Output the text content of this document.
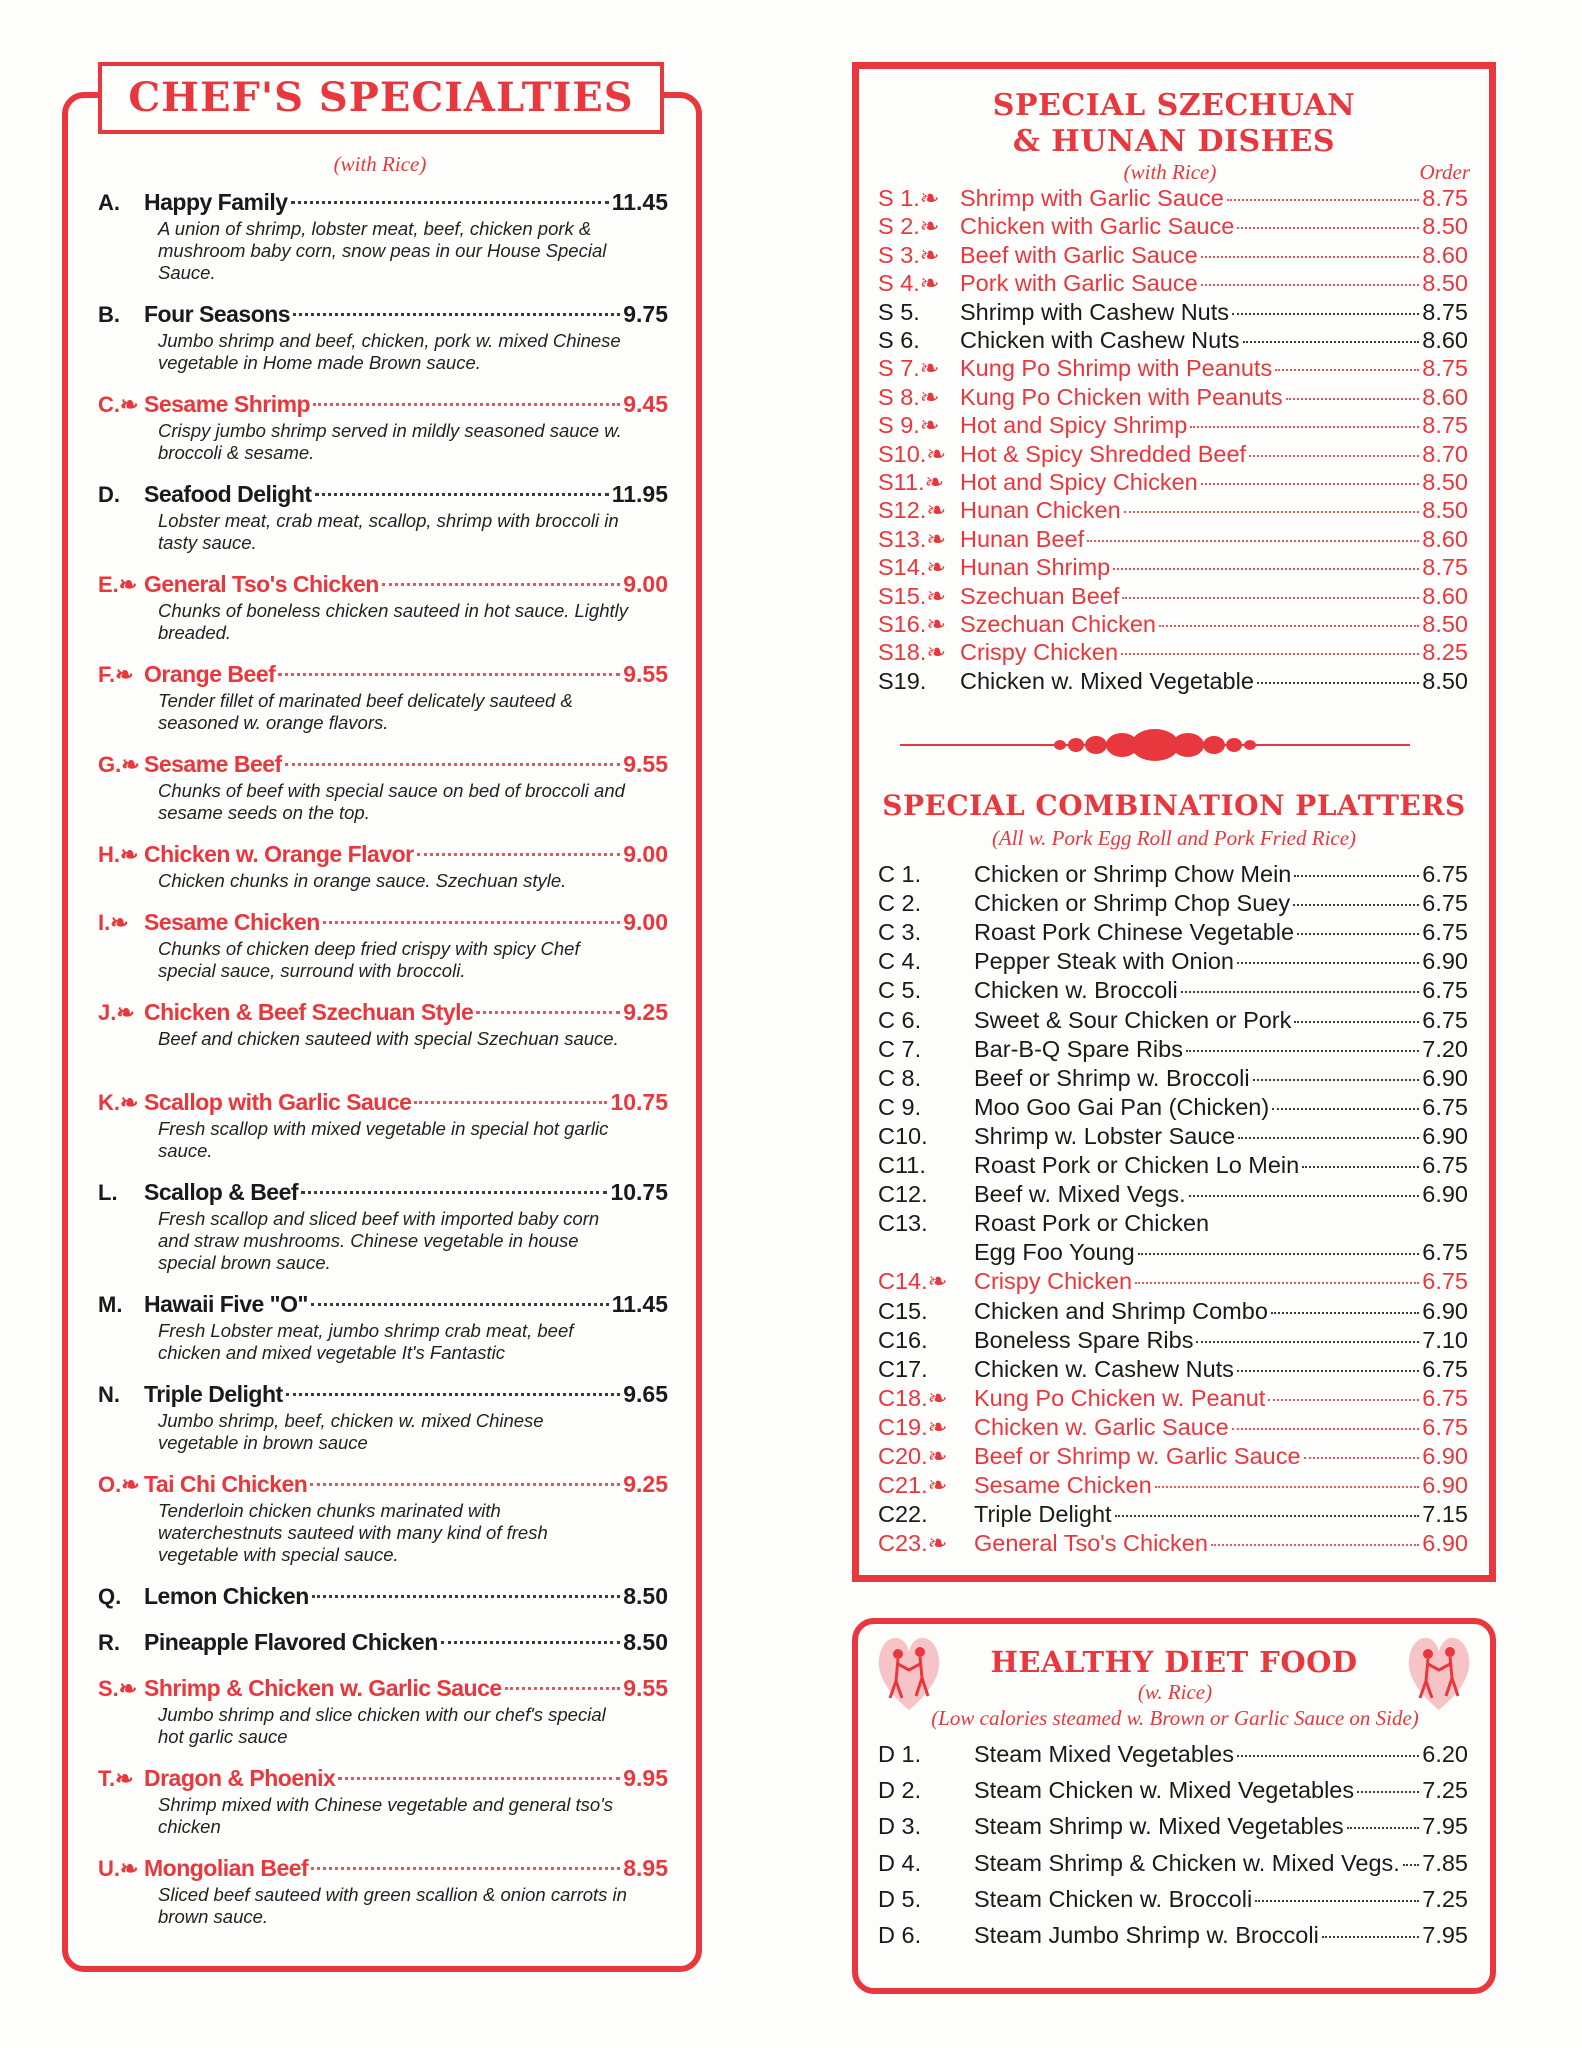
CHEF'S SPECIALTIES
(with Rice)
A.	Happy Family	11.45
A union of shrimp, lobster meat, beef, chicken pork & mushroom baby corn, snow peas in our House Special Sauce.
B.	Four Seasons	9.75
Jumbo shrimp and beef, chicken, pork w. mixed Chinese vegetable in Home made Brown sauce.
C.❧ Sesame Shrimp	9.45
Crispy jumbo shrimp served in mildly seasoned sauce w. broccoli & sesame.
D.	Seafood Delight	11.95
Lobster meat, crab meat, scallop, shrimp with broccoli in tasty sauce.
E.❧ General Tso's Chicken	9.00
Chunks of boneless chicken sauteed in hot sauce. Lightly breaded.
F.❧ Orange Beef	9.55
Tender fillet of marinated beef delicately sauteed & seasoned w. orange flavors.
G.❧ Sesame Beef	9.55
Chunks of beef with special sauce on bed of broccoli and sesame seeds on the top.
H.❧ Chicken w. Orange Flavor	9.00
Chicken chunks in orange sauce. Szechuan style.
I.❧ Sesame Chicken	9.00
Chunks of chicken deep fried crispy with spicy Chef special sauce, surround with broccoli.
J.❧ Chicken & Beef Szechuan Style	9.25
Beef and chicken sauteed with special Szechuan sauce.
K.❧ Scallop with Garlic Sauce	10.75
Fresh scallop with mixed vegetable in special hot garlic sauce.
L.	Scallop & Beef	10.75
Fresh scallop and sliced beef with imported baby corn and straw mushrooms. Chinese vegetable in house special brown sauce.
M. Hawaii Five "O"	11.45
Fresh Lobster meat, jumbo shrimp crab meat, beef chicken and mixed vegetable It's Fantastic
N.	Triple Delight	9.65
Jumbo shrimp, beef, chicken w. mixed Chinese vegetable in brown sauce
O.❧ Tai Chi Chicken	9.25
Tenderloin chicken chunks marinated with waterchestnuts sauteed with many kind of fresh vegetable with special sauce.
Q. Lemon Chicken	8.50
R.	Pineapple Flavored Chicken	8.50
S.❧ Shrimp & Chicken w. Garlic Sauce	9.55
Jumbo shrimp and slice chicken with our chef's special hot garlic sauce
T.❧ Dragon & Phoenix	9.95
Shrimp mixed with Chinese vegetable and general tso's chicken
U.❧ Mongolian Beef	8.95
Sliced beef sauteed with green scallion & onion carrots in brown sauce.
SPECIAL SZECHUAN
& HUNAN DISHES
(with Rice)	Order
S 1.❧ Shrimp with Garlic Sauce	8.75
S 2.❧ Chicken with Garlic Sauce	8.50
S 3.❧ Beef with Garlic Sauce	8.60
S 4.❧ Pork with Garlic Sauce	8.50
S 5.	Shrimp with Cashew Nuts	8.75
S 6.	Chicken with Cashew Nuts	8.60
S 7.❧ Kung Po Shrimp with Peanuts	8.75
S 8.❧ Kung Po Chicken with Peanuts	8.60
S 9.❧ Hot and Spicy Shrimp	8.75
S10.❧ Hot & Spicy Shredded Beef	8.70
S11.❧ Hot and Spicy Chicken	8.50
S12.❧ Hunan Chicken	8.50
S13.❧ Hunan Beef	8.60
S14.❧ Hunan Shrimp	8.75
S15.❧ Szechuan Beef	8.60
S16.❧ Szechuan Chicken	8.50
S18.❧ Crispy Chicken	8.25
S19.	Chicken w. Mixed Vegetable	8.50
SPECIAL COMBINATION PLATTERS
(All w. Pork Egg Roll and Pork Fried Rice)
C 1.	Chicken or Shrimp Chow Mein	6.75
C 2.	Chicken or Shrimp Chop Suey	6.75
C 3.	Roast Pork Chinese Vegetable	6.75
C 4.	Pepper Steak with Onion	6.90
C 5.	Chicken w. Broccoli	6.75
C 6.	Sweet & Sour Chicken or Pork	6.75
C 7.	Bar-B-Q Spare Ribs	7.20
C 8.	Beef or Shrimp w. Broccoli	6.90
C 9.	Moo Goo Gai Pan (Chicken)	6.75
C10.	Shrimp w. Lobster Sauce	6.90
C11.	Roast Pork or Chicken Lo Mein	6.75
C12.	Beef w. Mixed Vegs.	6.90
C13.	Roast Pork or Chicken
Egg Foo Young	6.75
C14.❧	Crispy Chicken	6.75
C15.	Chicken and Shrimp Combo	6.90
C16.	Boneless Spare Ribs	7.10
C17.	Chicken w. Cashew Nuts	6.75
C18.❧	Kung Po Chicken w. Peanut	6.75
C19.❧	Chicken w. Garlic Sauce	6.75
C20.❧	Beef or Shrimp w. Garlic Sauce	6.90
C21.❧	Sesame Chicken	6.90
C22.	Triple Delight	7.15
C23.❧	General Tso's Chicken	6.90
HEALTHY DIET FOOD
(w. Rice)
(Low calories steamed w. Brown or Garlic Sauce on Side)
D 1.	Steam Mixed Vegetables	6.20
D 2.	Steam Chicken w. Mixed Vegetables	7.25
D 3.	Steam Shrimp w. Mixed Vegetables	7.95
D 4.	Steam Shrimp & Chicken w. Mixed Vegs. 7.85
D 5.	Steam Chicken w. Broccoli	7.25
D 6.	Steam Jumbo Shrimp w. Broccoli	7.95
